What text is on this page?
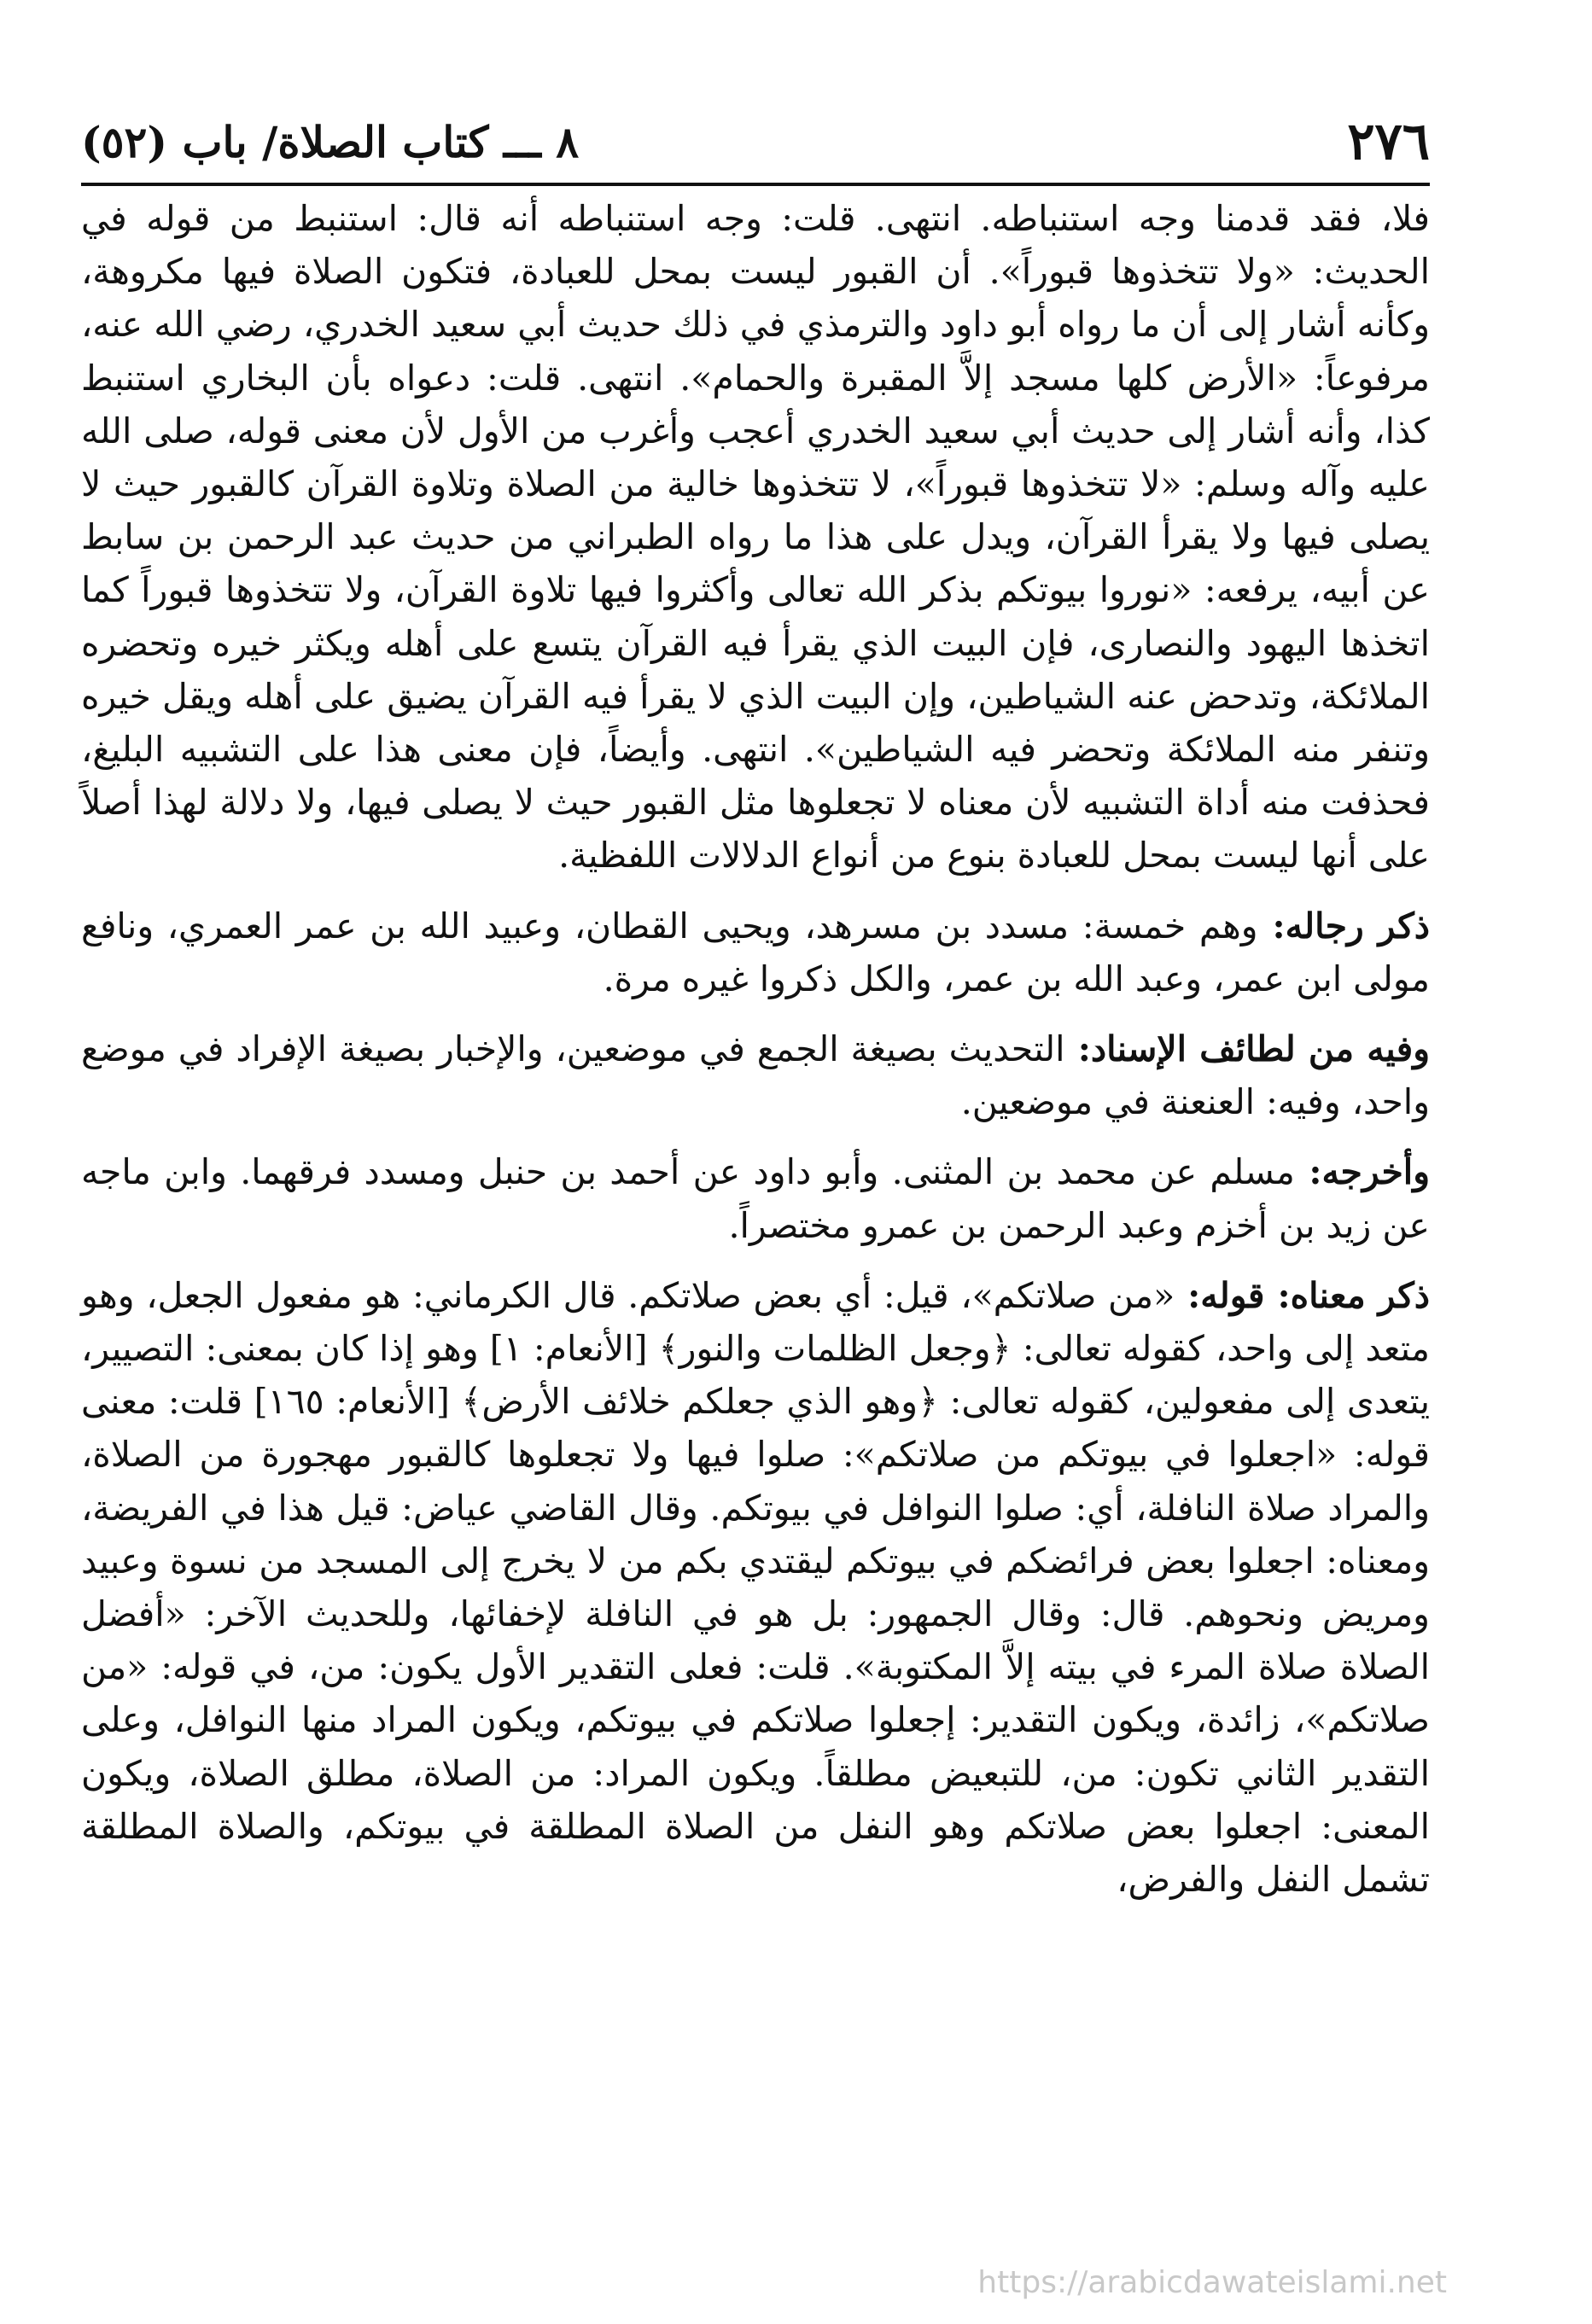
٢٧٦
٨ ـــ كتاب الصلاة/ باب (٥٢)

فلا، فقد قدمنا وجه استنباطه. انتهى. قلت: وجه استنباطه أنه قال: استنبط من قوله في الحديث: «ولا تتخذوها قبوراً». أن القبور ليست بمحل للعبادة، فتكون الصلاة فيها مكروهة، وكأنه أشار إلى أن ما رواه أبو داود والترمذي في ذلك حديث أبي سعيد الخدري، رضي الله عنه، مرفوعاً: «الأرض كلها مسجد إلاَّ المقبرة والحمام». انتهى. قلت: دعواه بأن البخاري استنبط كذا، وأنه أشار إلى حديث أبي سعيد الخدري أعجب وأغرب من الأول لأن معنى قوله، صلى الله عليه وآله وسلم: «لا تتخذوها قبوراً»، لا تتخذوها خالية من الصلاة وتلاوة القرآن كالقبور حيث لا يصلى فيها ولا يقرأ القرآن، ويدل على هذا ما رواه الطبراني من حديث عبد الرحمن بن سابط عن أبيه، يرفعه: «نوروا بيوتكم بذكر الله تعالى وأكثروا فيها تلاوة القرآن، ولا تتخذوها قبوراً كما اتخذها اليهود والنصارى، فإن البيت الذي يقرأ فيه القرآن يتسع على أهله ويكثر خيره وتحضره الملائكة، وتدحض عنه الشياطين، وإن البيت الذي لا يقرأ فيه القرآن يضيق على أهله ويقل خيره وتنفر منه الملائكة وتحضر فيه الشياطين». انتهى. وأيضاً، فإن معنى هذا على التشبيه البليغ، فحذفت منه أداة التشبيه لأن معناه لا تجعلوها مثل القبور حيث لا يصلى فيها، ولا دلالة لهذا أصلاً على أنها ليست بمحل للعبادة بنوع من أنواع الدلالات اللفظية.

ذكر رجاله:وهم خمسة: مسدد بن مسرهد، ويحيى القطان، وعبيد الله بن عمر العمري، ونافع مولى ابن عمر، وعبد الله بن عمر، والكل ذكروا غيره مرة.

وفيه من لطائف الإسناد:التحديث بصيغة الجمع في موضعين، والإخبار بصيغة الإفراد في موضع واحد، وفيه: العنعنة في موضعين.

وأخرجه:مسلم عن محمد بن المثنى. وأبو داود عن أحمد بن حنبل ومسدد فرقهما. وابن ماجه عن زيد بن أخزم وعبد الرحمن بن عمرو مختصراً.

ذكر معناه: قوله:«من صلاتكم»، قيل: أي بعض صلاتكم. قال الكرماني: هو مفعول الجعل، وهو متعد إلى واحد، كقوله تعالى: ﴿وجعل الظلمات والنور﴾ [الأنعام: ١] وهو إذا كان بمعنى: التصيير، يتعدى إلى مفعولين، كقوله تعالى: ﴿وهو الذي جعلكم خلائف الأرض﴾ [الأنعام: ١٦٥] قلت: معنى قوله: «اجعلوا في بيوتكم من صلاتكم»: صلوا فيها ولا تجعلوها كالقبور مهجورة من الصلاة، والمراد صلاة النافلة، أي: صلوا النوافل في بيوتكم. وقال القاضي عياض: قيل هذا في الفريضة، ومعناه: اجعلوا بعض فرائضكم في بيوتكم ليقتدي بكم من لا يخرج إلى المسجد من نسوة وعبيد ومريض ونحوهم. قال: وقال الجمهور: بل هو في النافلة لإخفائها، وللحديث الآخر: «أفضل الصلاة صلاة المرء في بيته إلاَّ المكتوبة». قلت: فعلى التقدير الأول يكون: من، في قوله: «من صلاتكم»، زائدة، ويكون التقدير: إجعلوا صلاتكم في بيوتكم، ويكون المراد منها النوافل، وعلى التقدير الثاني تكون: من، للتبعيض مطلقاً. ويكون المراد: من الصلاة، مطلق الصلاة، ويكون المعنى: اجعلوا بعض صلاتكم وهو النفل من الصلاة المطلقة في بيوتكم، والصلاة المطلقة تشمل النفل والفرض،

https://arabicdawateislami.net
